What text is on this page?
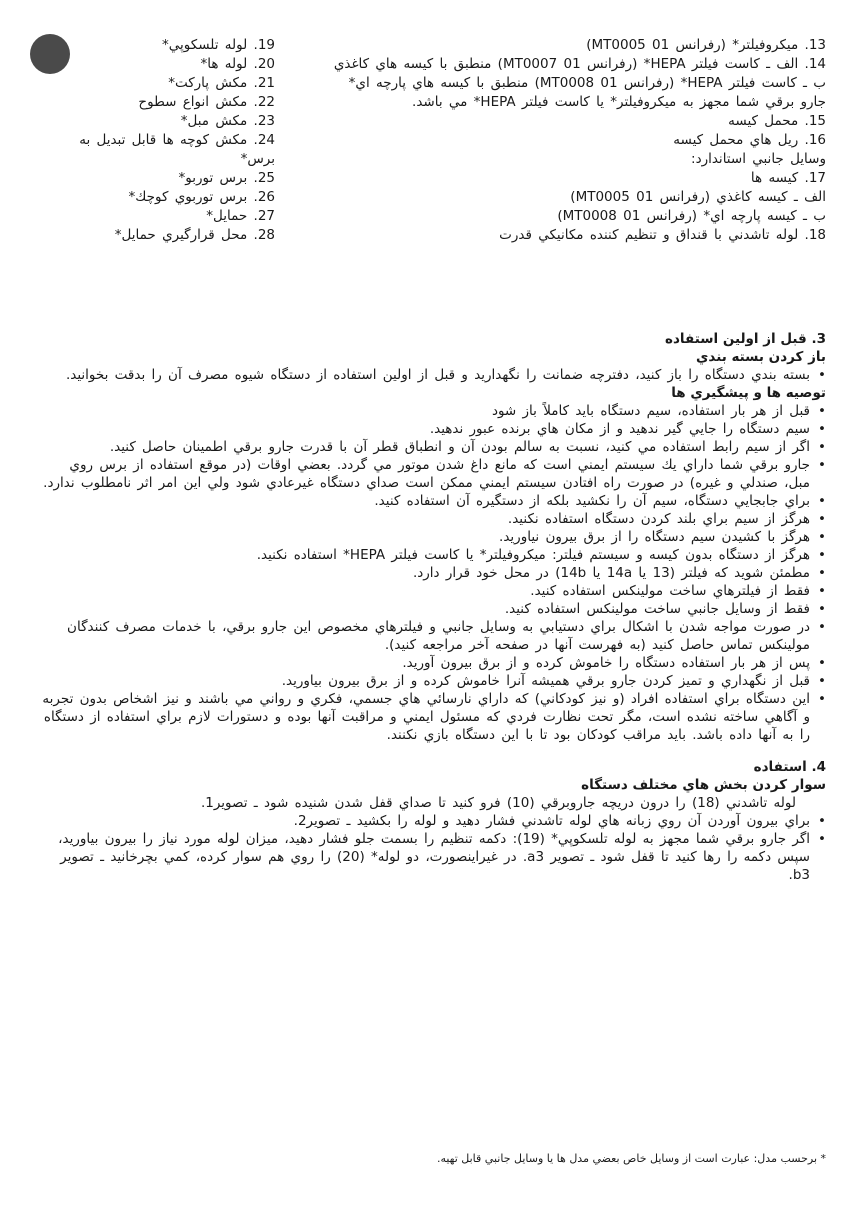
13. ميكروفيلتر* (رفرانس MT0005 01)
14. الف ـ كاست فيلتر HEPA* (رفرانس MT0007 01) منطبق با كيسه هاي كاغذي
ب ـ كاست فيلتر HEPA* (رفرانس MT0008 01) منطبق با كيسه هاي پارچه اي*
جارو برقي شما مجهز به ميكروفيلتر* يا كاست فيلتر HEPA* مي باشد.
15. محمل كيسه
16. ريل هاي محمل كيسه
وسايل جانبي استاندارد:
17. كيسه ها
الف ـ كيسه كاغذي (رفرانس MT0005 01)
ب ـ كيسه پارچه اي* (رفرانس MT0008 01)
18. لوله تاشدني با قنداق و تنظيم كننده مكانيكي قدرت
19. لوله تلسكوپي*
20. لوله ها*
21. مكش پاركت*
22. مكش انواع سطوح
23. مكش مبل*
24. مكش كوچه ها قابل تبديل به برس*
25. برس توربو*
26. برس توربوي كوچك*
27. حمايل*
28. محل قرارگيري حمايل*
3. قبل از اولين استفاده
باز كردن بسته بندي
• بسته بندي دستگاه را باز كنيد، دفترچه ضمانت را نگهداريد و قبل از اولين استفاده از دستگاه شيوه مصرف آن را بدقت بخوانيد.
توصيه ها و پيشگيري ها
• قبل از هر بار استفاده، سيم دستگاه بايد كاملاً باز شود
• سيم دستگاه را جايي گير ندهيد و از مكان هاي برنده عبور ندهيد.
• اگر از سيم رابط استفاده مي كنيد، نسبت به سالم بودن آن و انطباق قطر آن با قدرت جارو برقي اطمينان حاصل كنيد.
• جارو برقي شما داراي يك سيستم ايمني است كه مانع داغ شدن موتور مي گردد. بعضي اوقات (در موقع استفاده از برس روي مبل، صندلي و غيره) در صورت راه افتادن سيستم ايمني ممكن است صداي دستگاه غيرعادي شود ولي اين امر اثر نامطلوب ندارد.
• براي جابجايي دستگاه، سيم آن را نكشيد بلكه از دستگيره آن استفاده كنيد.
• هرگز از سيم براي بلند كردن دستگاه استفاده نكنيد.
• هرگز با كشيدن سيم دستگاه را از برق بيرون نياوريد.
• هرگز از دستگاه بدون كيسه و سيستم فيلتر: ميكروفيلتر* يا كاست فيلتر HEPA* استفاده نكنيد.
• مطمئن شويد كه فيلتر (13 يا 14a يا 14b) در محل خود قرار دارد.
• فقط از فيلترهاي ساخت مولينكس استفاده كنيد.
• فقط از وسايل جانبي ساخت مولينكس استفاده كنيد.
• در صورت مواجه شدن با اشكال براي دستيابي به وسايل جانبي و فيلترهاي مخصوص اين جارو برقي، با خدمات مصرف كنندگان مولينكس تماس حاصل كنيد (به فهرست آنها در صفحه آخر مراجعه كنيد).
• پس از هر بار استفاده دستگاه را خاموش كرده و از برق بيرون آوريد.
• قبل از نگهداري و تميز كردن جارو برقي هميشه آنرا خاموش كرده و از برق بيرون بياوريد.
• اين دستگاه براي استفاده افراد (و نيز كودكاني) كه داراي نارسائي هاي جسمي، فكري و رواني مي باشند و نيز اشخاص بدون تجربه و آگاهي ساخته نشده است، مگر تحت نظارت فردي كه مسئول ايمني و مراقبت آنها بوده و دستورات لازم براي استفاده از دستگاه را به آنها داده باشد. بايد مراقب كودكان بود تا با اين دستگاه بازي نكنند.
4. استفاده
سوار كردن بخش هاي مختلف دستگاه
لوله تاشدني (18) را درون دريچه جاروبرقي (10) فرو كنيد تا صداي قفل شدن شنيده شود ـ تصوير1.
• براي بيرون آوردن آن روي زبانه هاي لوله تاشدني فشار دهيد و لوله را بكشيد ـ تصوير2.
• اگر جارو برقي شما مجهز به لوله تلسكوپي* (19): دكمه تنظيم را بسمت جلو فشار دهيد، ميزان لوله مورد نياز را بيرون بياوريد، سپس دكمه را رها كنيد تا قفل شود ـ تصوير a3. در غيراينصورت، دو لوله* (20) را روي هم سوار كرده، كمي بچرخانيد ـ تصوير b3.
* برحسب مدل: عبارت است از وسايل خاص بعضي مدل ها يا وسايل جانبي قابل تهيه.
